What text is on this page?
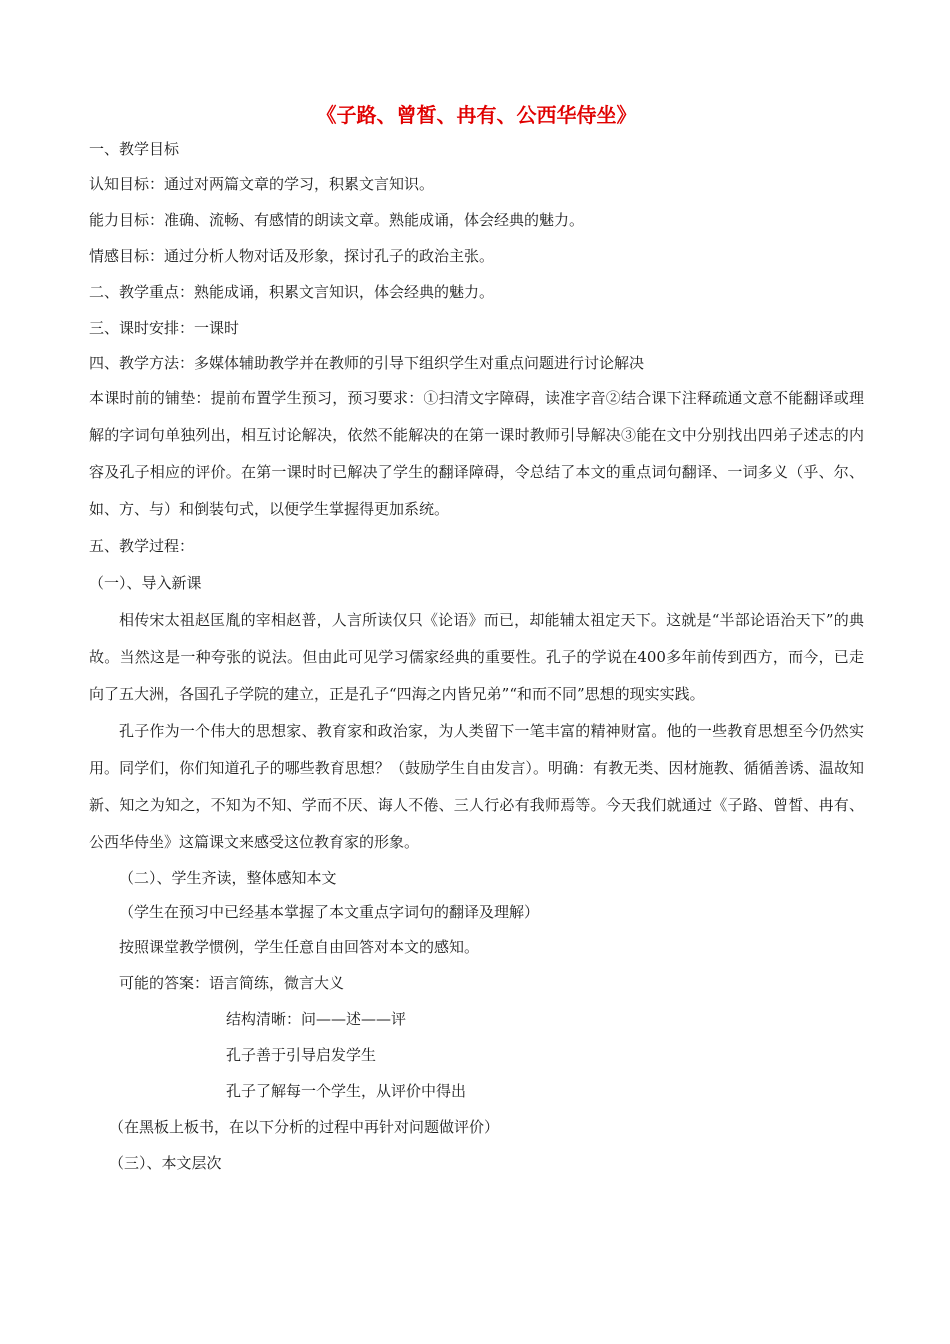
《子路、曾皙、冉有、公西华侍坐》

一、教学目标

认知目标：通过对两篇文章的学习，积累文言知识。

能力目标：准确、流畅、有感情的朗读文章。熟能成诵，体会经典的魅力。

情感目标：通过分析人物对话及形象，探讨孔子的政治主张。

二、教学重点：熟能成诵，积累文言知识，体会经典的魅力。

三、课时安排：一课时

四、教学方法：多媒体辅助教学并在教师的引导下组织学生对重点问题进行讨论解决

本课时前的铺垫：提前布置学生预习，预习要求：①扫清文字障碍，读准字音②结合课下注释疏通文意不能翻译或理解的字词句单独列出，相互讨论解决，依然不能解决的在第一课时教师引导解决③能在文中分别找出四弟子述志的内容及孔子相应的评价。在第一课时时已解决了学生的翻译障碍，令总结了本文的重点词句翻译、一词多义（乎、尔、如、方、与）和倒装句式，以便学生掌握得更加系统。

五、教学过程：

（一）、导入新课

相传宋太祖赵匡胤的宰相赵普，人言所读仅只《论语》而已，却能辅太祖定天下。这就是“半部论语治天下”的典故。当然这是一种夸张的说法。但由此可见学习儒家经典的重要性。孔子的学说在400多年前传到西方，而今，已走向了五大洲，各国孔子学院的建立，正是孔子“四海之内皆兄弟”“和而不同”思想的现实实践。

孔子作为一个伟大的思想家、教育家和政治家，为人类留下一笔丰富的精神财富。他的一些教育思想至今仍然实用。同学们，你们知道孔子的哪些教育思想？（鼓励学生自由发言）。明确：有教无类、因材施教、循循善诱、温故知新、知之为知之，不知为不知、学而不厌、诲人不倦、三人行必有我师焉等。今天我们就通过《子路、曾皙、冉有、公西华侍坐》这篇课文来感受这位教育家的形象。

（二）、学生齐读，整体感知本文

（学生在预习中已经基本掌握了本文重点字词句的翻译及理解）

按照课堂教学惯例，学生任意自由回答对本文的感知。

可能的答案：语言简练，微言大义

结构清晰：问——述——评

孔子善于引导启发学生

孔子了解每一个学生，从评价中得出

（在黑板上板书，在以下分析的过程中再针对问题做评价）

（三）、本文层次
